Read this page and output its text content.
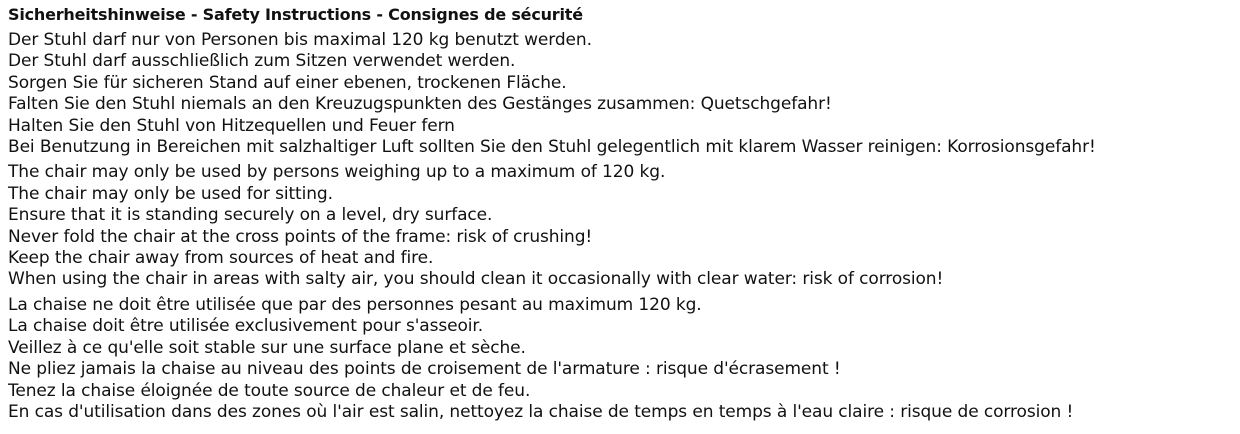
Sicherheitshinweise - Safety Instructions - Consignes de sécurité
Der Stuhl darf nur von Personen bis maximal 120 kg benutzt werden.
Der Stuhl darf ausschließlich zum Sitzen verwendet werden.
Sorgen Sie für sicheren Stand auf einer ebenen, trockenen Fläche.
Falten Sie den Stuhl niemals an den Kreuzugspunkten des Gestänges zusammen: Quetschgefahr!
Halten Sie den Stuhl von Hitzequellen und Feuer fern
Bei Benutzung in Bereichen mit salzhaltiger Luft sollten Sie den Stuhl gelegentlich mit klarem Wasser reinigen: Korrosionsgefahr!
The chair may only be used by persons weighing up to a maximum of 120 kg.
The chair may only be used for sitting.
Ensure that it is standing securely on a level, dry surface.
Never fold the chair at the cross points of the frame: risk of crushing!
Keep the chair away from sources of heat and fire.
When using the chair in areas with salty air, you should clean it occasionally with clear water: risk of corrosion!
La chaise ne doit être utilisée que par des personnes pesant au maximum 120 kg.
La chaise doit être utilisée exclusivement pour s'asseoir.
Veillez à ce qu'elle soit stable sur une surface plane et sèche.
Ne pliez jamais la chaise au niveau des points de croisement de l'armature : risque d'écrasement !
Tenez la chaise éloignée de toute source de chaleur et de feu.
En cas d'utilisation dans des zones où l'air est salin, nettoyez la chaise de temps en temps à l'eau claire : risque de corrosion !
